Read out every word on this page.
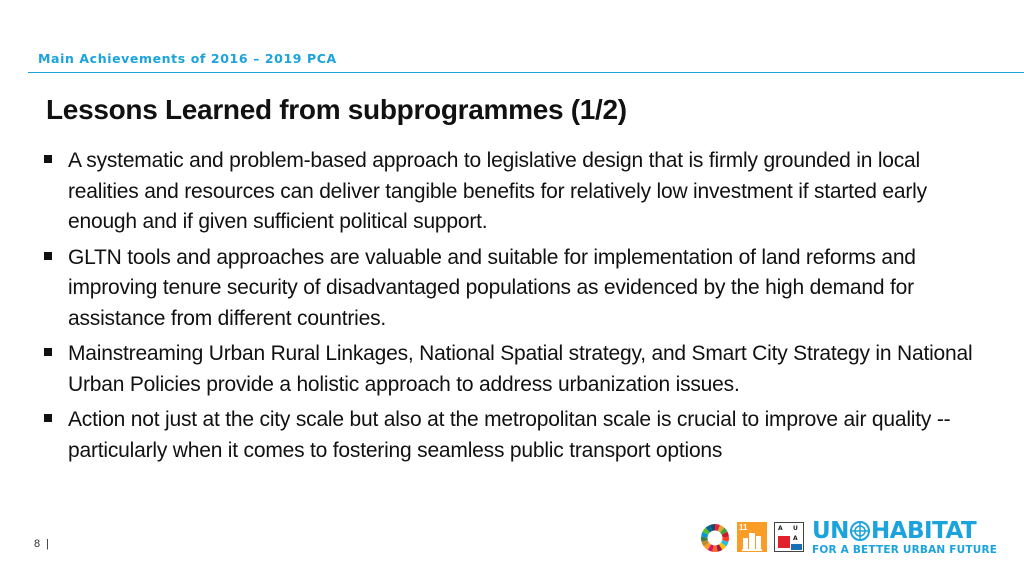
Main Achievements of 2016 – 2019 PCA
Lessons Learned from subprogrammes (1/2)
A systematic and problem-based approach to legislative design that is firmly grounded in local realities and resources can deliver tangible benefits for relatively low investment if started early enough and if given sufficient political support.
GLTN tools and approaches are valuable and suitable for implementation of land reforms and improving tenure security of disadvantaged populations as evidenced by the high demand for assistance from different countries.
Mainstreaming Urban Rural Linkages, National Spatial strategy, and Smart City Strategy in National Urban Policies provide a holistic approach to address urbanization issues.
Action not just at the city scale but also at the metropolitan scale is crucial to improve air quality -- particularly when it comes to fostering seamless public transport options
8 |
11	A U
A UN HABITAT
FOR A BETTER URBAN FUTURE
